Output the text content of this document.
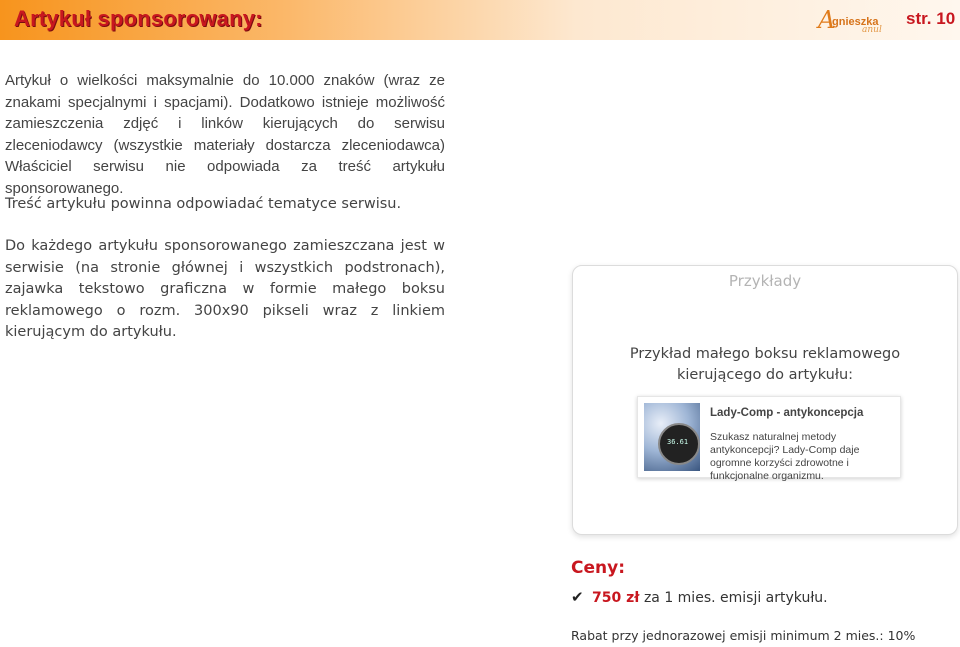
Artykuł sponsorowany:	A
gnieszka
anul
str. 10
Artykuł o wielkości maksymalnie do 10.000 znaków (wraz ze znakami specjalnymi i spacjami). Dodatkowo istnieje możliwość zamieszczenia zdjęć i linków kierujących do serwisu zleceniodawcy (wszystkie materiały dostarcza zleceniodawca) Właściciel serwisu nie odpowiada za treść artykułu sponsorowanego.
Treść artykułu powinna odpowiadać tematyce serwisu.
Do każdego artykułu sponsorowanego zamieszczana jest w serwisie (na stronie głównej i wszystkich podstronach), zajawka tekstowo graficzna w formie małego boksu reklamowego o rozm. 300x90 pikseli wraz z linkiem kierującym do artykułu.
Przykłady
Przykład małego boksu reklamowego kierującego do artykułu:
36.61
Lady-Comp - antykoncepcja
Szukasz naturalnej metody antykoncepcji? Lady-Comp daje ogromne korzyści zdrowotne i funkcjonalne organizmu.
Ceny:
✔ 750 zł za 1 mies. emisji artykułu.
Rabat przy jednorazowej emisji minimum 2 mies.: 10%
